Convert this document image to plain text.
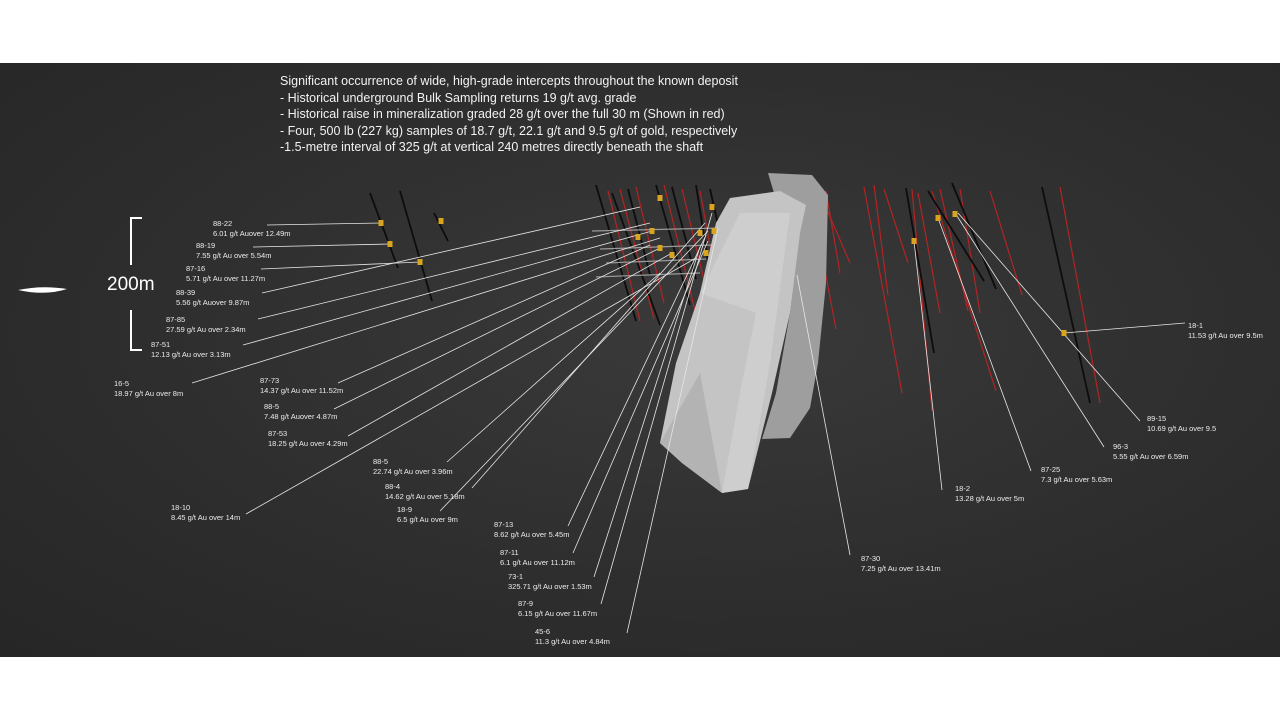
Significant occurrence of wide, high-grade intercepts throughout the known deposit
- Historical underground Bulk Sampling returns 19 g/t avg. grade
- Historical raise in mineralization graded 28 g/t over the full 30 m (Shown in red)
- Four, 500 lb (227 kg) samples of 18.7 g/t, 22.1 g/t and 9.5 g/t of gold, respectively
-1.5-metre interval of 325 g/t at vertical 240 metres directly beneath the shaft
200m
88-22
6.01 g/t Auover 12.49m
88-19
7.55 g/t Au over 5.54m
87-16
5.71 g/t Au over 11.27m
88-39
5.56 g/t Auover 9.87m
87-85
27.59 g/t Au over 2.34m
87-51
12.13 g/t Au over 3.13m
16-5
18.97 g/t Au over 8m
87-73
14.37 g/t Au over 11.52m
88-5
7.48 g/t Auover 4.87m
87-53
18.25 g/t Au over 4.29m
18-10
8.45 g/t Au over 14m
88-5
22.74 g/t Au over 3.96m
88-4
14.62 g/t Au over 5.18m
18-9
6.5 g/t Au over 9m
87-13
8.62 g/t Au over 5.45m
87-11
6.1 g/t Au over 11.12m
73-1
325.71 g/t Au over 1.53m
87-9
6.15 g/t Au over 11.67m
45-6
11.3 g/t Au over 4.84m
87-30
7.25 g/t Au over 13.41m
18-2
13.28 g/t Au over 5m
87-25
7.3 g/t Au over 5.63m
96-3
5.55 g/t Au over 6.59m
89-15
10.69 g/t Au over 9.5
18-1
11.53 g/t Au over 9.5m
